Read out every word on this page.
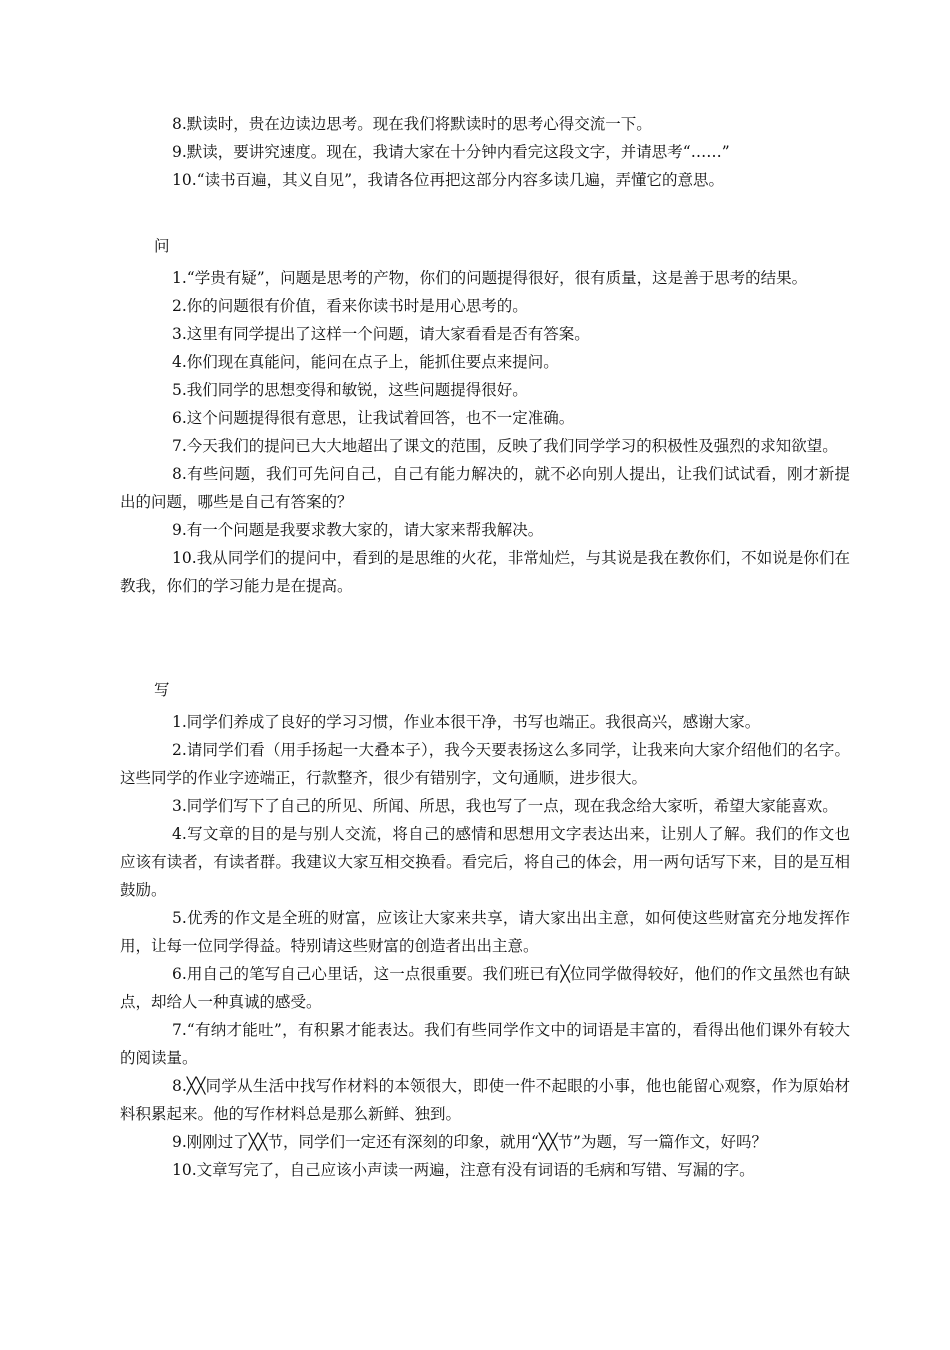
8.默读时，贵在边读边思考。现在我们将默读时的思考心得交流一下。

9.默读，要讲究速度。现在，我请大家在十分钟内看完这段文字，并请思考“……”

10.“读书百遍，其义自见”，我请各位再把这部分内容多读几遍，弄懂它的意思。

问

1.“学贵有疑”，问题是思考的产物，你们的问题提得很好，很有质量，这是善于思考的结果。

2.你的问题很有价值，看来你读书时是用心思考的。

3.这里有同学提出了这样一个问题，请大家看看是否有答案。

4.你们现在真能问，能问在点子上，能抓住要点来提问。

5.我们同学的思想变得和敏锐，这些问题提得很好。

6.这个问题提得很有意思，让我试着回答，也不一定准确。

7.今天我们的提问已大大地超出了课文的范围，反映了我们同学学习的积极性及强烈的求知欲望。

8.有些问题，我们可先问自己，自己有能力解决的，就不必向别人提出，让我们试试看，刚才新提出的问题，哪些是自己有答案的？

9.有一个问题是我要求教大家的，请大家来帮我解决。

10.我从同学们的提问中，看到的是思维的火花，非常灿烂，与其说是我在教你们，不如说是你们在教我，你们的学习能力是在提高。

写

1.同学们养成了良好的学习习惯，作业本很干净，书写也端正。我很高兴，感谢大家。

2.请同学们看（用手扬起一大叠本子），我今天要表扬这么多同学，让我来向大家介绍他们的名字。这些同学的作业字迹端正，行款整齐，很少有错别字，文句通顺，进步很大。

3.同学们写下了自己的所见、所闻、所思，我也写了一点，现在我念给大家听，希望大家能喜欢。

4.写文章的目的是与别人交流，将自己的感情和思想用文字表达出来，让别人了解。我们的作文也应该有读者，有读者群。我建议大家互相交换看。看完后，将自己的体会，用一两句话写下来，目的是互相鼓励。

5.优秀的作文是全班的财富，应该让大家来共享，请大家出出主意，如何使这些财富充分地发挥作用，让每一位同学得益。特别请这些财富的创造者出出主意。

6.用自己的笔写自己心里话，这一点很重要。我们班已有╳位同学做得较好，他们的作文虽然也有缺点，却给人一种真诚的感受。

7.“有纳才能吐”，有积累才能表达。我们有些同学作文中的词语是丰富的，看得出他们课外有较大的阅读量。

8.╳╳同学从生活中找写作材料的本领很大，即使一件不起眼的小事，他也能留心观察，作为原始材料积累起来。他的写作材料总是那么新鲜、独到。

9.刚刚过了╳╳节，同学们一定还有深刻的印象，就用“╳╳节”为题，写一篇作文，好吗？

10.文章写完了，自己应该小声读一两遍，注意有没有词语的毛病和写错、写漏的字。
